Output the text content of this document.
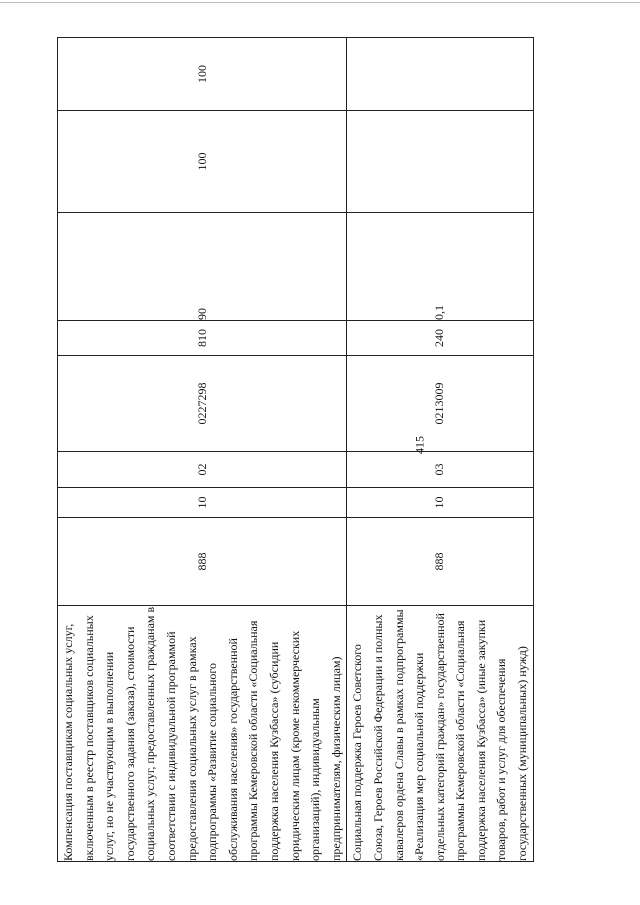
415
Компенсация поставщикам социальных услуг, включенным в реестр поставщиков социальных услуг, но не участвующим в выполнении государственного задания (заказа), стоимости социальных услуг, предоставленных гражданам в соответствии с индивидуальной программой предоставления социальных услуг в рамках подпрограммы «Развитие социального обслуживания населения» государственной программы Кемеровской области «Социальная поддержка населения Кузбасса» (субсидии юридическим лицам (кроме некоммерческих организаций), индивидуальным предпринимателям, физическим лицам)	888	10	02	0227298	810	90	100	100
Социальная поддержка Героев Советского Союза, Героев Российской Федерации и полных кавалеров ордена Славы в рамках подпрограммы «Реализация мер социальной поддержки отдельных категорий граждан» государственной программы Кемеровской области «Социальная поддержка населения Кузбасса» (иные закупки товаров, работ и услуг для обеспечения государственных (муниципальных) нужд)	888	10	03	0213009	240	0,1		
